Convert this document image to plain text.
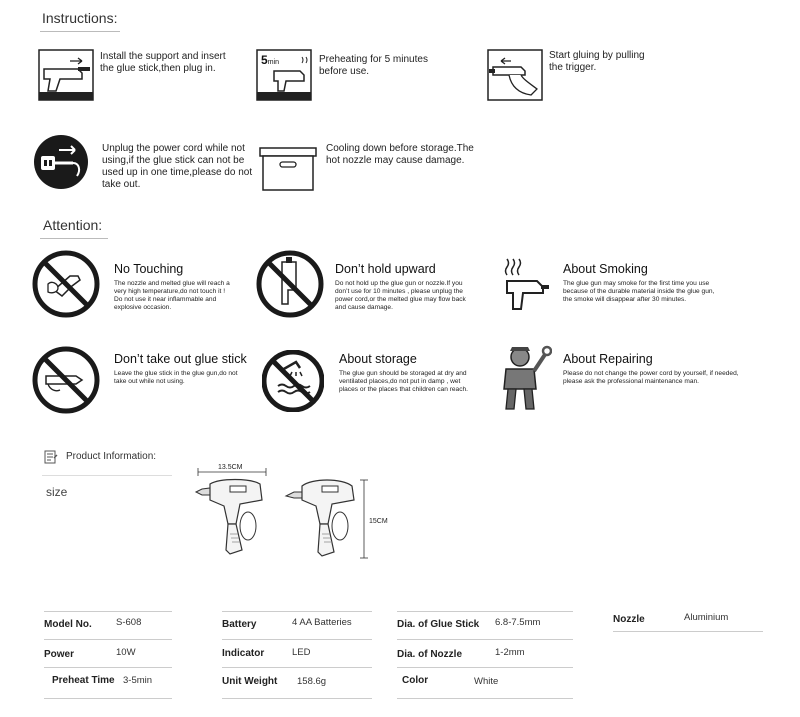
Instructions:
Install the support and insert
the glue stick,then plug in.
5min	Preheating for 5 minutes
before use.
Start gluing by pulling
the trigger.
Unplug the power cord while not
using,if the glue stick can not be
used up in one time,please do not
take out.
Cooling down before storage.The
hot nozzle may cause damage.
Attention:
No Touching
The nozzle and melted glue will reach a
very high temperature,do not touch it !
Do not use it near inflammable and
explosive occasion.
Don’t hold upward
Do not hold up the glue gun or nozzle.If you
don’t use for 10 minutes , please unplug the
power cord,or the melted glue may flow back
and cause damage.
About Smoking
The glue gun may smoke for the first time you use
because of the durable material inside the glue gun,
the smoke will disappear after 30 minutes.
Don’t take out glue stick
Leave the glue stick in the glue gun,do not
take out while not using.
About storage
The glue gun should be storaged at dry and
ventilated places,do not put in damp , wet
places or the places that children can reach.
About Repairing
Please do not change the power cord by yourself, if needed,
please ask the professional maintenance man.
Product Information:
size
13.5CM
15CM
Model No.	S-608	Battery	4 AA Batteries	Dia. of Glue Stick 6.8-7.5mm	Nozzle	Aluminium
Power	10W	Indicator	LED	Dia. of Nozzle	1-2mm
Preheat Time 3-5min	Unit Weight 158.6g	Color	White
